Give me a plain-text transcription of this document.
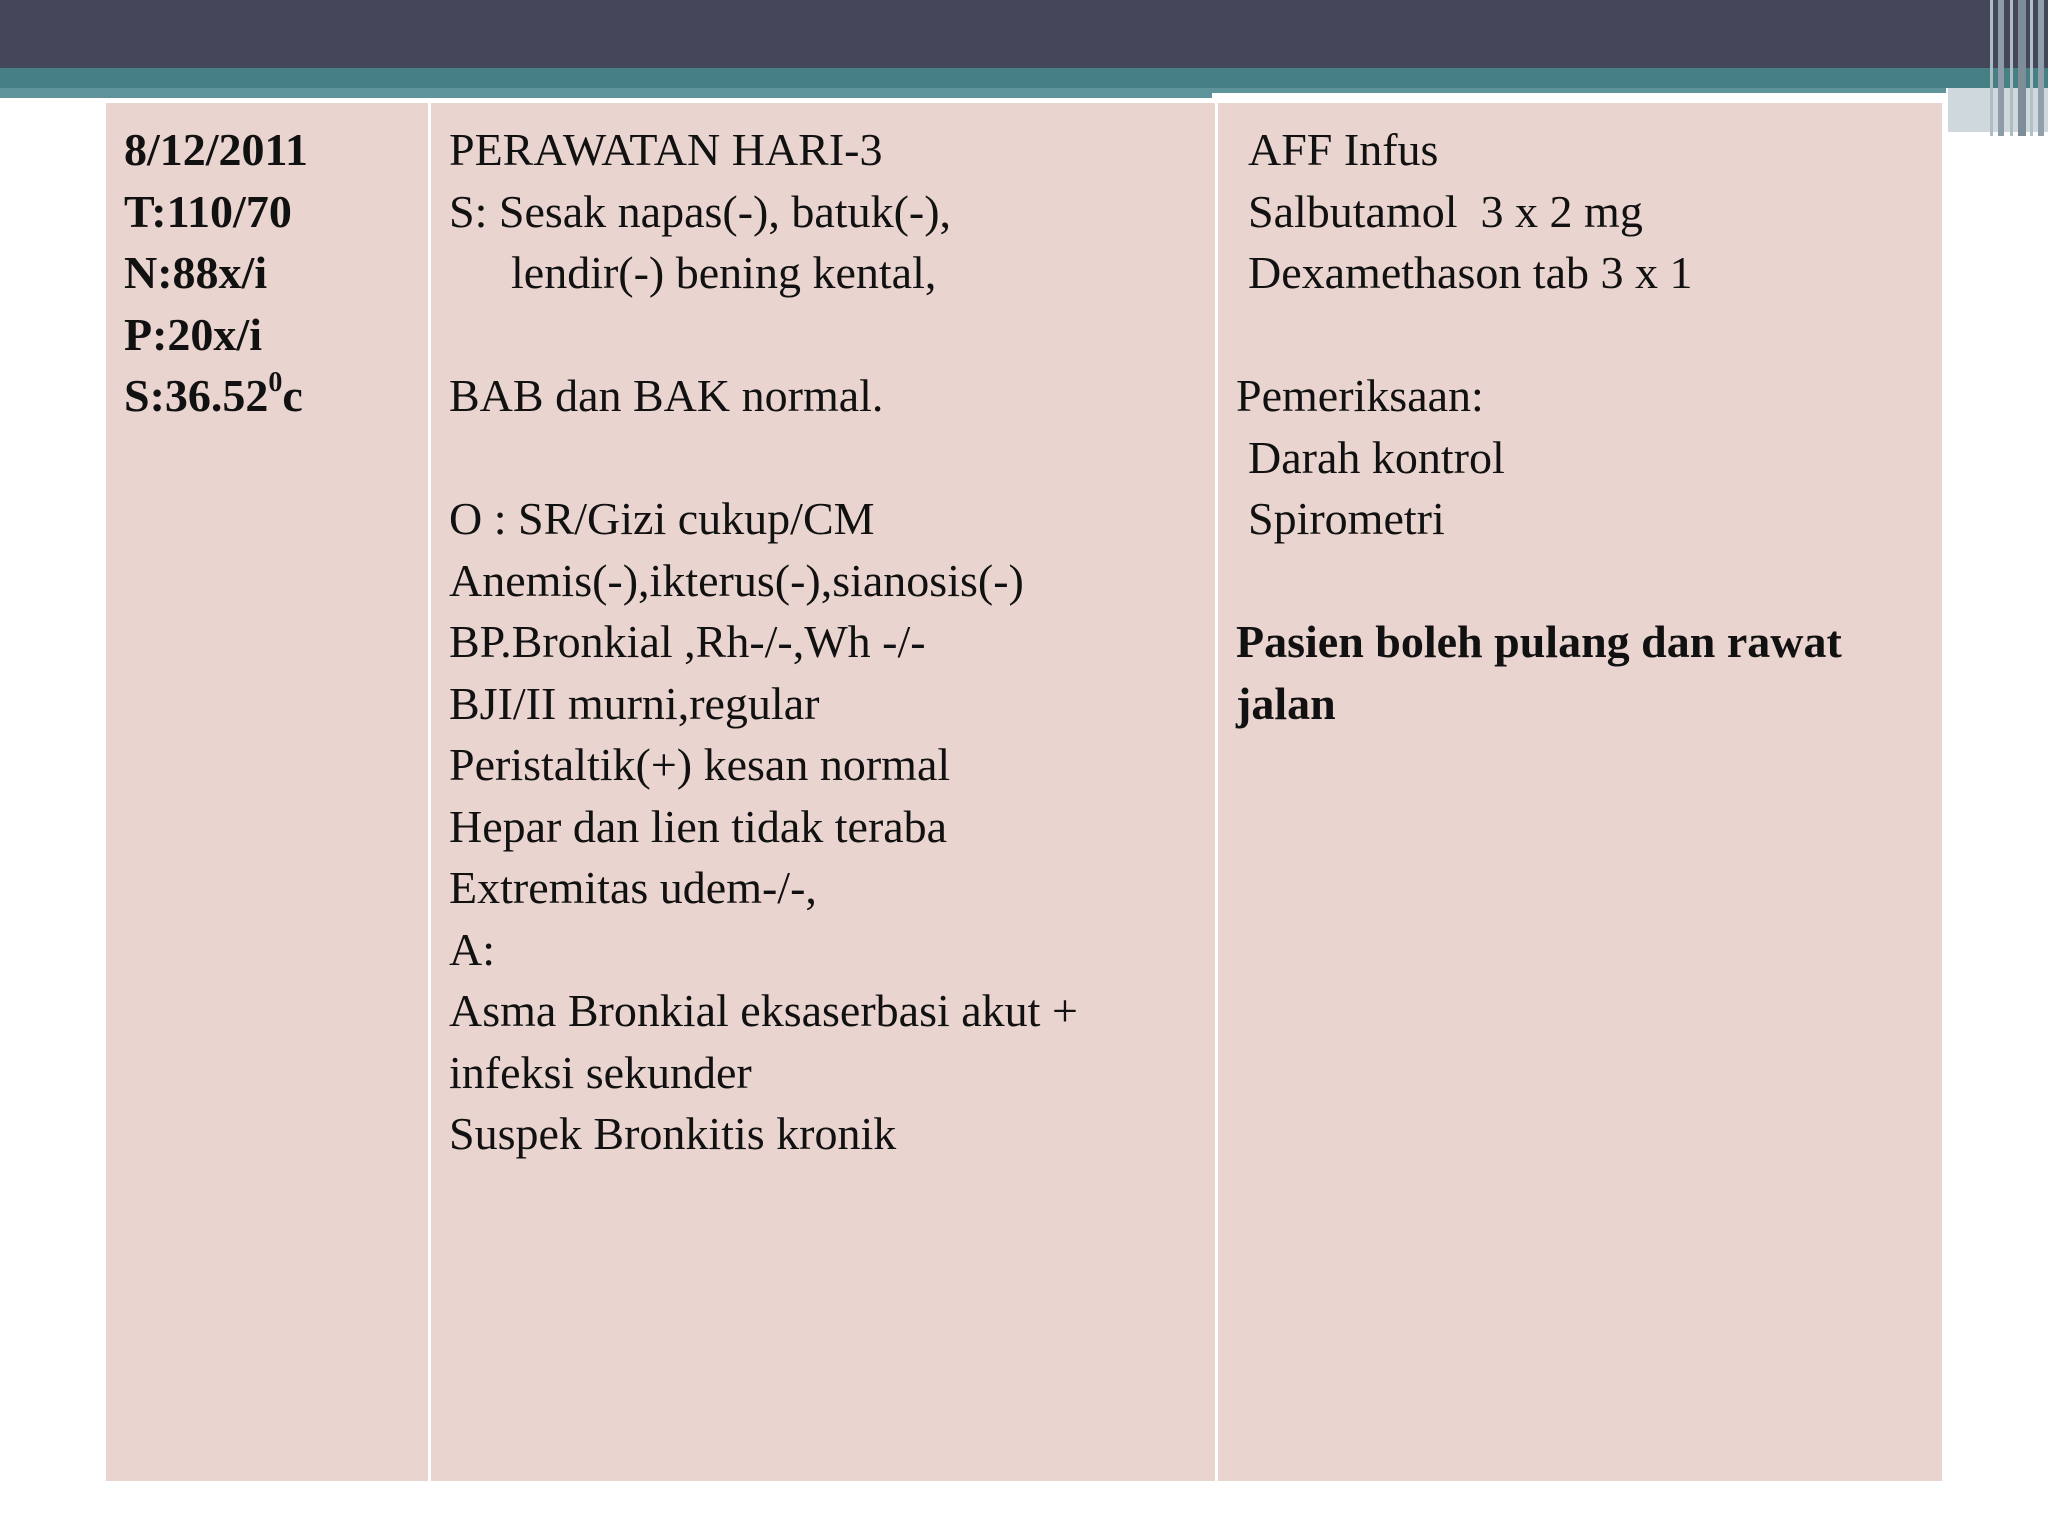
8/12/2011
T:110/70
N:88x/i
P:20x/i
S:36.52$^0$c

PERAWATAN HARI-3
S: Sesak napas(-), batuk(-),
lendir(-) bening kental,
BAB dan BAK normal.
O : SR/Gizi cukup/CM
Anemis(-),ikterus(-),sianosis(-)
BP.Bronkial ,Rh-/-,Wh -/-
BJI/II murni,regular
Peristaltik(+) kesan normal
Hepar dan lien tidak teraba
Extremitas udem-/-,
A:
Asma Bronkial eksaserbasi akut +
infeksi sekunder
Suspek Bronkitis kronik

AFF Infus
Salbutamol  3 x 2 mg
Dexamethason tab 3 x 1
Pemeriksaan:
Darah kontrol
Spirometri
Pasien boleh pulang dan rawat jalan
